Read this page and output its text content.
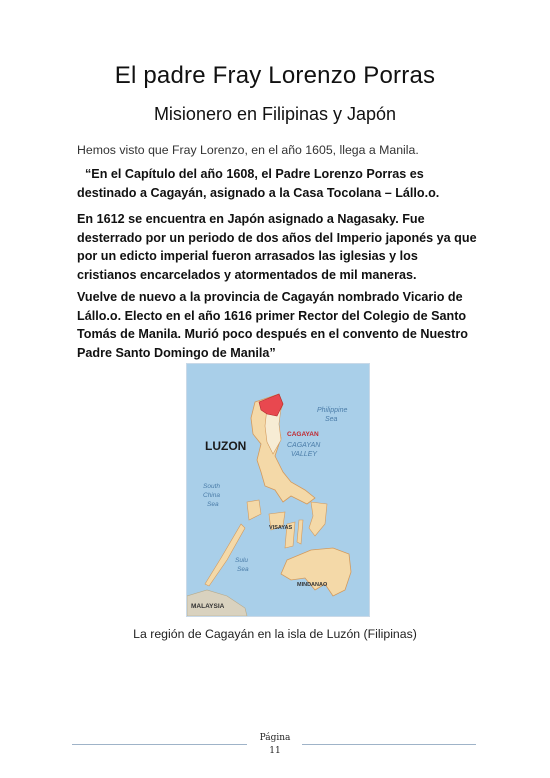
El padre Fray Lorenzo Porras
Misionero en Filipinas y Japón

Hemos visto que Fray Lorenzo, en el año 1605, llega a Manila.

“En el Capítulo del año 1608, el Padre Lorenzo Porras es destinado a Cagayán, asignado a la Casa Tocolana – Lállo.o.

En 1612 se encuentra en Japón asignado a Nagasaky. Fue desterrado por un periodo de dos años del Imperio japonés ya que por un edicto imperial fueron arrasados las iglesias y los cristianos encarcelados y atormentados de mil maneras.

Vuelve de nuevo a la provincia de Cagayán nombrado Vicario de Lállo.o. Electo en el año 1616 primer Rector del Colegio de Santo Tomás de Manila. Murió poco después en el convento de Nuestro Padre Santo Domingo de Manila”

Philippine
Sea
LUZON
CAGAYAN
CAGAYAN
VALLEY
South
China
Sea
VISAYAS
Sulu
Sea
MINDANAO
MALAYSIA

La región de Cagayán en la isla de Luzón (Filipinas)

Página

11
